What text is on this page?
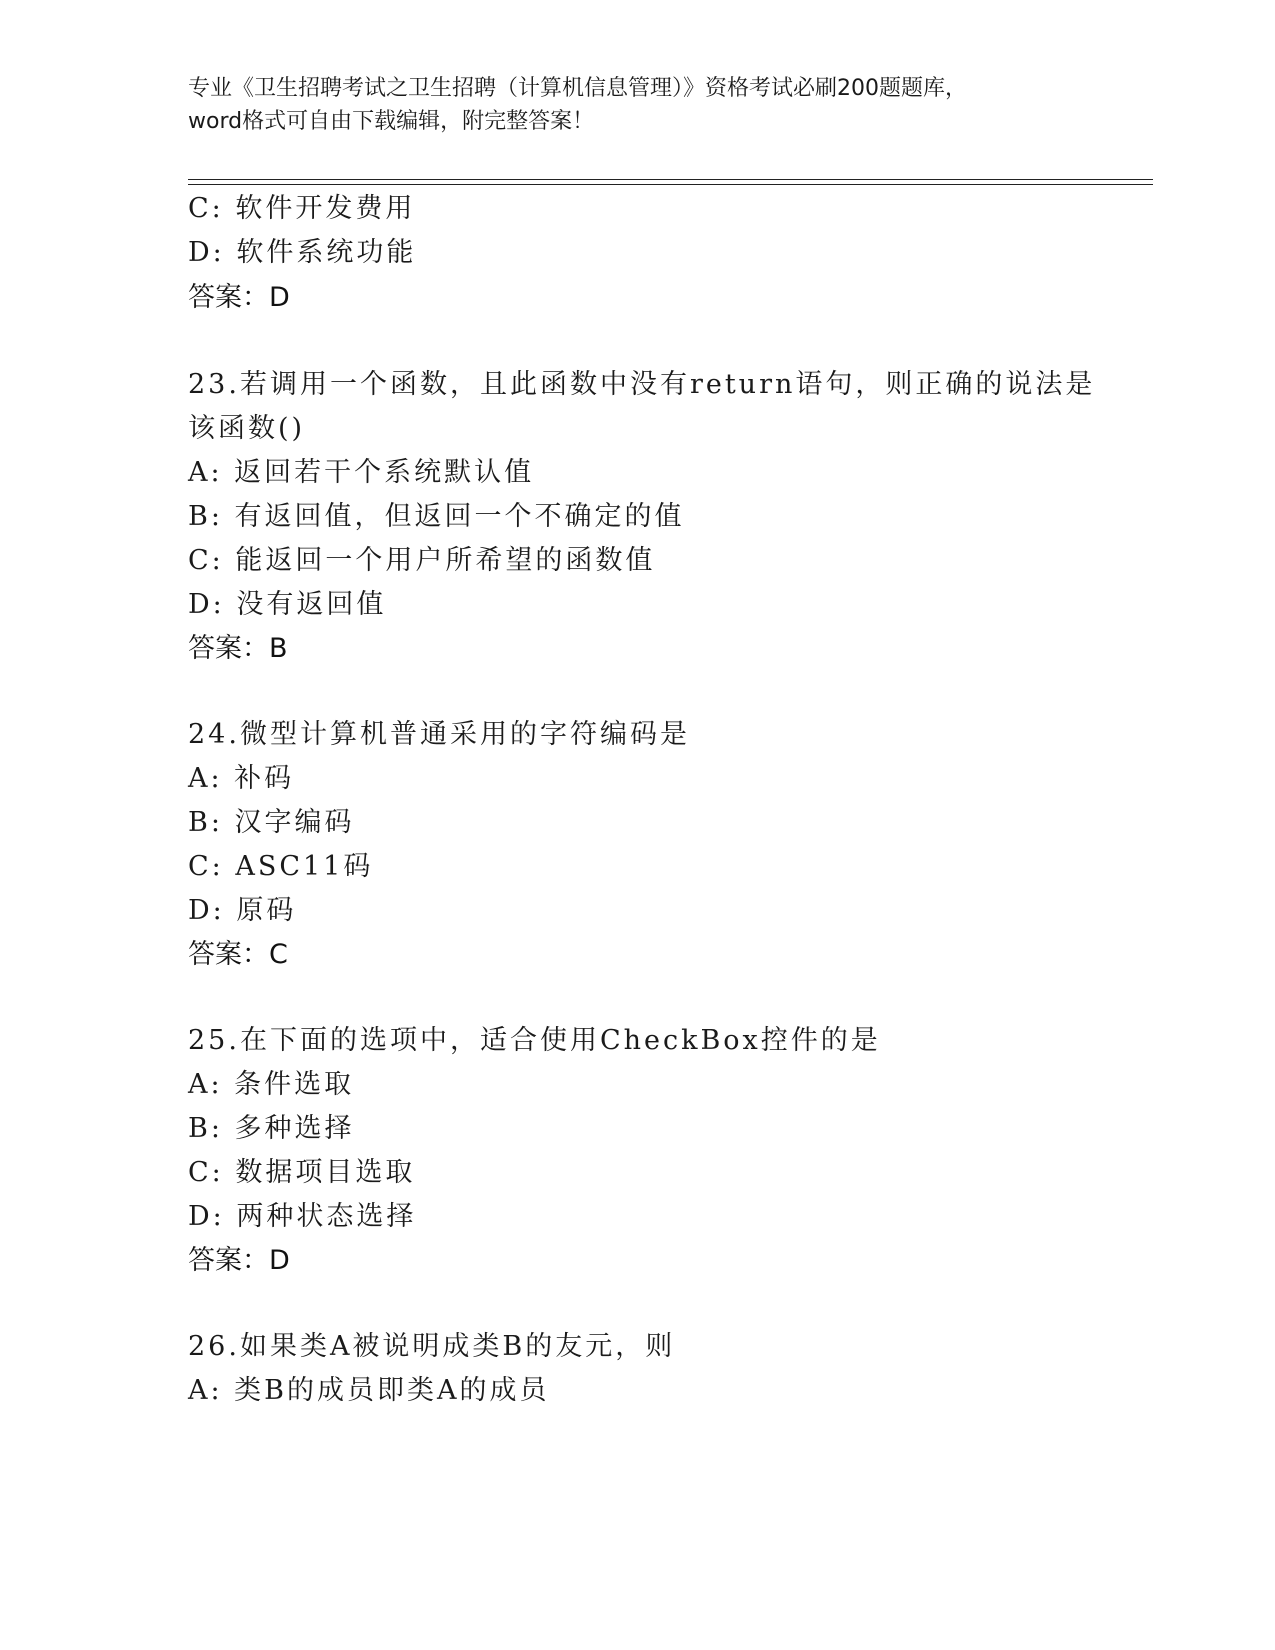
专业《卫生招聘考试之卫生招聘（计算机信息管理）》资格考试必刷200题题库，
word格式可自由下载编辑，附完整答案！
C: 软件开发费用
D: 软件系统功能
答案：D
23.若调用一个函数，且此函数中没有return语句，则正确的说法是
该函数()
A: 返回若干个系统默认值
B: 有返回值，但返回一个不确定的值
C: 能返回一个用户所希望的函数值
D: 没有返回值
答案：B
24.微型计算机普通采用的字符编码是
A: 补码
B: 汉字编码
C: ASC11码
D: 原码
答案：C
25.在下面的选项中，适合使用CheckBox控件的是
A: 条件选取
B: 多种选择
C: 数据项目选取
D: 两种状态选择
答案：D
26.如果类A被说明成类B的友元，则
A: 类B的成员即类A的成员
